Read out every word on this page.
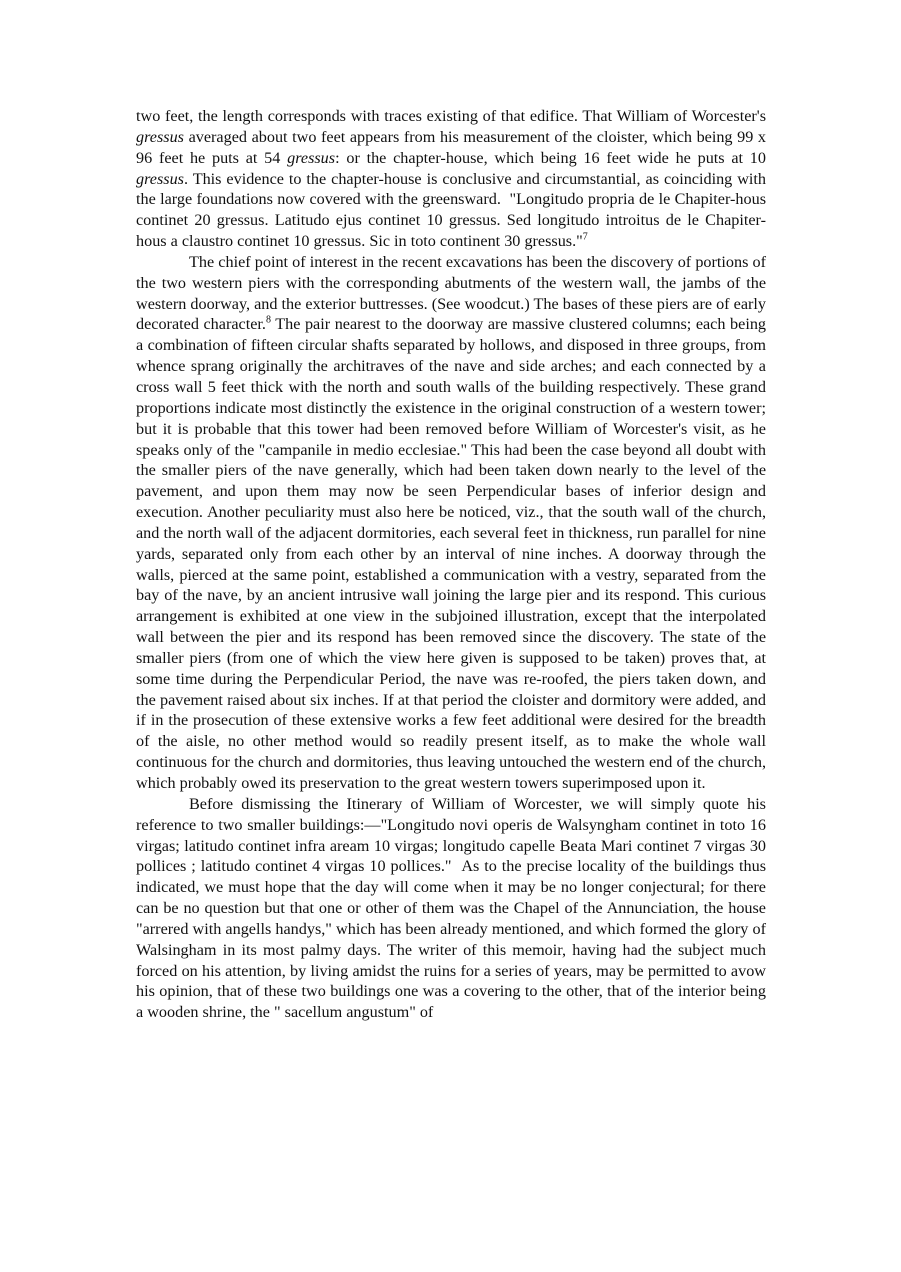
two feet, the length corresponds with traces existing of that edifice. That William of Worcester's gressus averaged about two feet appears from his measurement of the cloister, which being 99 x 96 feet he puts at 54 gressus: or the chapter-house, which being 16 feet wide he puts at 10 gressus. This evidence to the chapter-house is conclusive and circumstantial, as coinciding with the large foundations now covered with the greensward.  "Longitudo propria de le Chapiter-hous continet 20 gressus. Latitudo ejus continet 10 gressus. Sed longitudo introitus de le Chapiter-hous a claustro continet 10 gressus. Sic in toto continent 30 gressus."$^7$

The chief point of interest in the recent excavations has been the discovery of portions of the two western piers with the corresponding abutments of the western wall, the jambs of the western doorway, and the exterior buttresses. (See woodcut.) The bases of these piers are of early decorated character.$^8$ The pair nearest to the doorway are massive clustered columns; each being a combination of fifteen circular shafts separated by hollows, and disposed in three groups, from whence sprang originally the architraves of the nave and side arches; and each connected by a cross wall 5 feet thick with the north and south walls of the building respectively. These grand proportions indicate most distinctly the existence in the original construction of a western tower; but it is probable that this tower had been removed before William of Worcester's visit, as he speaks only of the "campanile in medio ecclesiae." This had been the case beyond all doubt with the smaller piers of the nave generally, which had been taken down nearly to the level of the pavement, and upon them may now be seen Perpendicular bases of inferior design and execution. Another peculiarity must also here be noticed, viz., that the south wall of the church, and the north wall of the adjacent dormitories, each several feet in thickness, run parallel for nine yards, separated only from each other by an interval of nine inches. A doorway through the walls, pierced at the same point, established a communication with a vestry, separated from the bay of the nave, by an ancient intrusive wall joining the large pier and its respond. This curious arrangement is exhibited at one view in the subjoined illustration, except that the interpolated wall between the pier and its respond has been removed since the discovery. The state of the smaller piers (from one of which the view here given is supposed to be taken) proves that, at some time during the Perpendicular Period, the nave was re-roofed, the piers taken down, and the pavement raised about six inches. If at that period the cloister and dormitory were added, and if in the prosecution of these extensive works a few feet additional were desired for the breadth of the aisle, no other method would so readily present itself, as to make the whole wall continuous for the church and dormitories, thus leaving untouched the western end of the church, which probably owed its preservation to the great western towers superimposed upon it.

Before dismissing the Itinerary of William of Worcester, we will simply quote his reference to two smaller buildings:—"Longitudo novi operis de Walsyngham continet in toto 16 virgas; latitudo continet infra aream 10 virgas; longitudo capelle Beata Mari continet 7 virgas 30 pollices ; latitudo continet 4 virgas 10 pollices."  As to the precise locality of the buildings thus indicated, we must hope that the day will come when it may be no longer conjectural; for there can be no question but that one or other of them was the Chapel of the Annunciation, the house "arrered with angells handys," which has been already mentioned, and which formed the glory of Walsingham in its most palmy days. The writer of this memoir, having had the subject much forced on his attention, by living amidst the ruins for a series of years, may be permitted to avow his opinion, that of these two buildings one was a covering to the other, that of the interior being a wooden shrine, the " sacellum angustum" of
